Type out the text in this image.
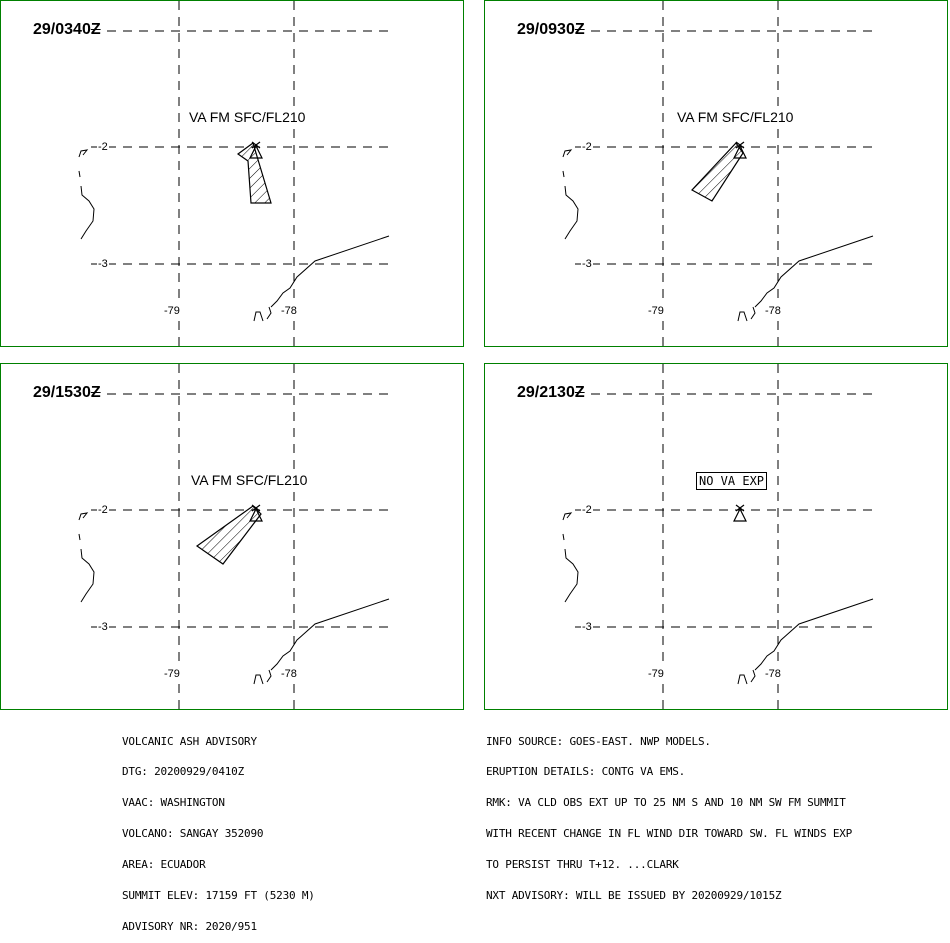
29/0340Z
VA FM SFC/FL210
-2
-3
-79	-78
29/0930Z
VA FM SFC/FL210
-2
-3
-79	-78
29/1530Z
VA FM SFC/FL210
-2
-3
-79	-78
29/2130Z
NO VA EXP
-2
-3
-79	-78

VOLCANIC ASH ADVISORY

DTG: 20200929/0410Z

VAAC: WASHINGTON

VOLCANO: SANGAY 352090

AREA: ECUADOR

SUMMIT ELEV: 17159 FT (5230 M)

ADVISORY NR: 2020/951

INFO SOURCE: GOES-EAST. NWP MODELS.

ERUPTION DETAILS: CONTG VA EMS.

RMK: VA CLD OBS EXT UP TO 25 NM S AND 10 NM SW FM SUMMIT

WITH RECENT CHANGE IN FL WIND DIR TOWARD SW. FL WINDS EXP

TO PERSIST THRU T+12. ...CLARK

NXT ADVISORY: WILL BE ISSUED BY 20200929/1015Z
